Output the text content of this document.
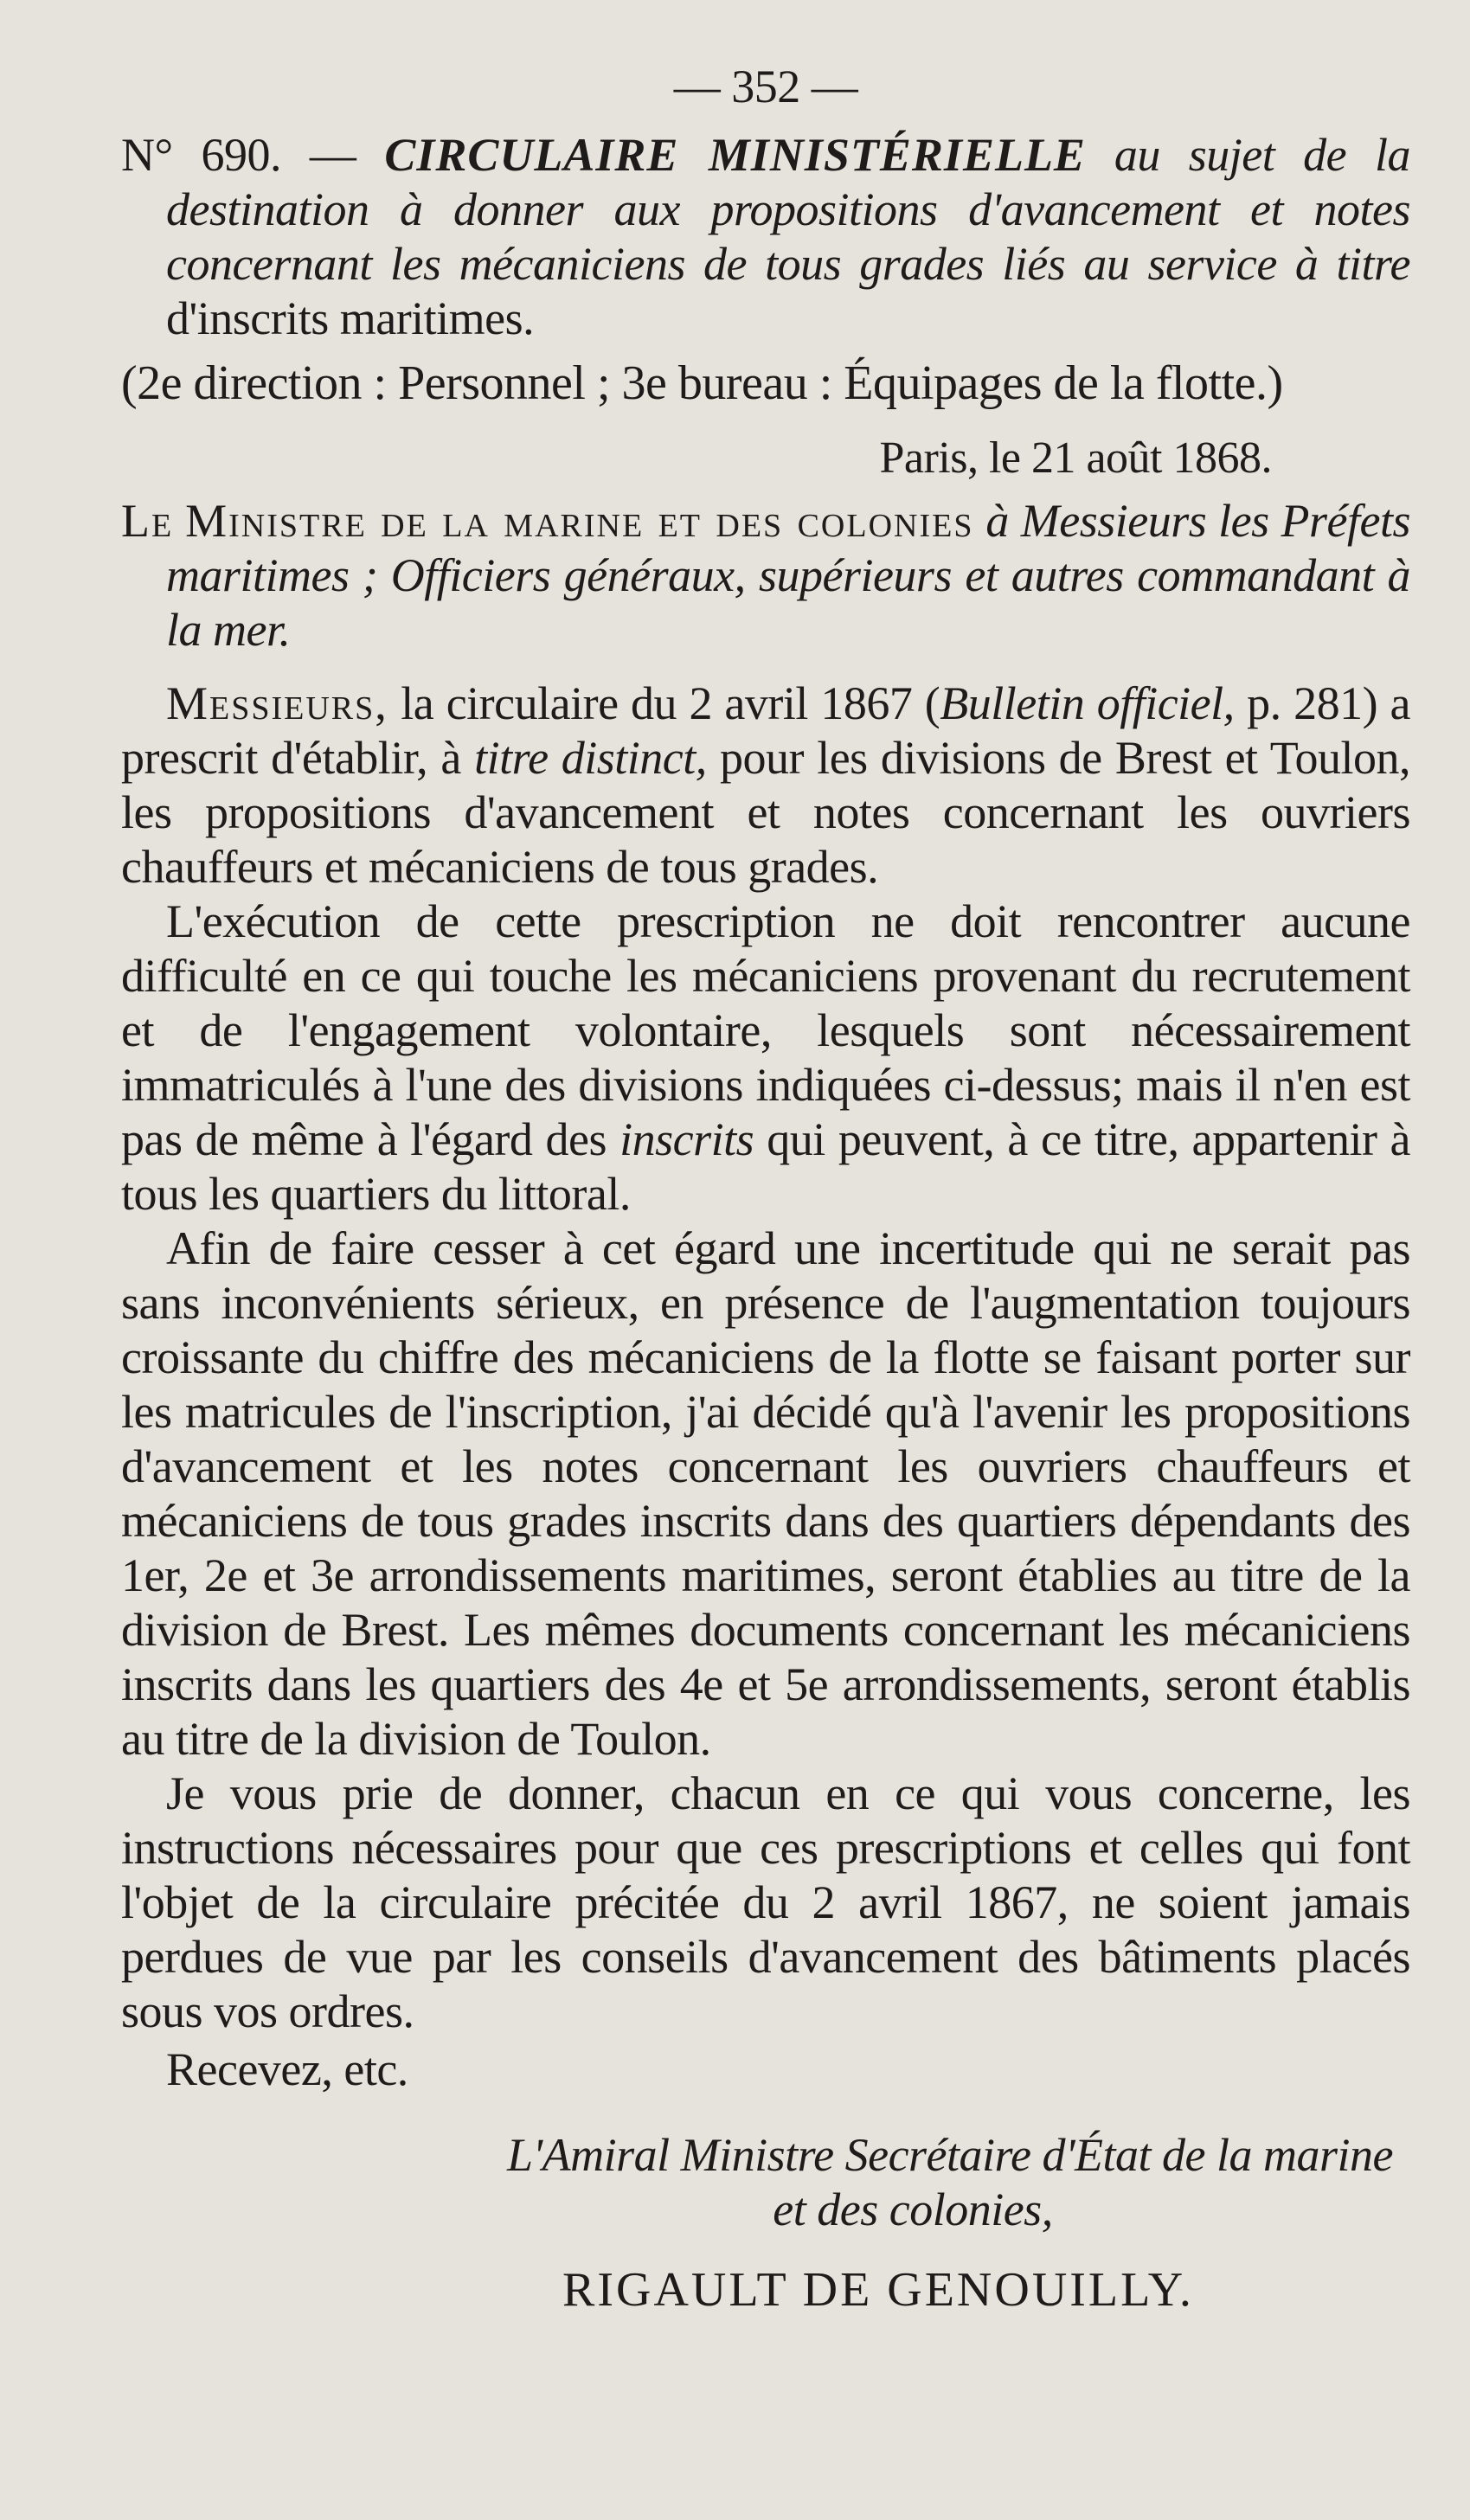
— 352 —

N° 690. — CIRCULAIRE MINISTÉRIELLE au sujet de la destination à donner aux propositions d'avancement et notes concernant les mécaniciens de tous grades liés au service à titre d'inscrits maritimes.

(2e direction : Personnel ; 3e bureau : Équipages de la flotte.)

Paris, le 21 août 1868.

Le Ministre de la marine et des colonies à Messieurs les Préfets maritimes ; Officiers généraux, supérieurs et autres commandant à la mer.

Messieurs, la circulaire du 2 avril 1867 (Bulletin officiel, p. 281) a prescrit d'établir, à titre distinct, pour les divisions de Brest et Toulon, les propositions d'avancement et notes concernant les ouvriers chauffeurs et mécaniciens de tous grades.

L'exécution de cette prescription ne doit rencontrer aucune difficulté en ce qui touche les mécaniciens provenant du recrutement et de l'engagement volontaire, lesquels sont nécessairement immatriculés à l'une des divisions indiquées ci-dessus; mais il n'en est pas de même à l'égard des inscrits qui peuvent, à ce titre, appartenir à tous les quartiers du littoral.

Afin de faire cesser à cet égard une incertitude qui ne serait pas sans inconvénients sérieux, en présence de l'augmentation toujours croissante du chiffre des mécaniciens de la flotte se faisant porter sur les matricules de l'inscription, j'ai décidé qu'à l'avenir les propositions d'avancement et les notes concernant les ouvriers chauffeurs et mécaniciens de tous grades inscrits dans des quartiers dépendants des 1er, 2e et 3e arrondissements maritimes, seront établies au titre de la division de Brest. Les mêmes documents concernant les mécaniciens inscrits dans les quartiers des 4e et 5e arrondissements, seront établis au titre de la division de Toulon.

Je vous prie de donner, chacun en ce qui vous concerne, les instructions nécessaires pour que ces prescriptions et celles qui font l'objet de la circulaire précitée du 2 avril 1867, ne soient jamais perdues de vue par les conseils d'avancement des bâtiments placés sous vos ordres.

Recevez, etc.

L'Amiral Ministre Secrétaire d'État de la marine

et des colonies,

RIGAULT DE GENOUILLY.
